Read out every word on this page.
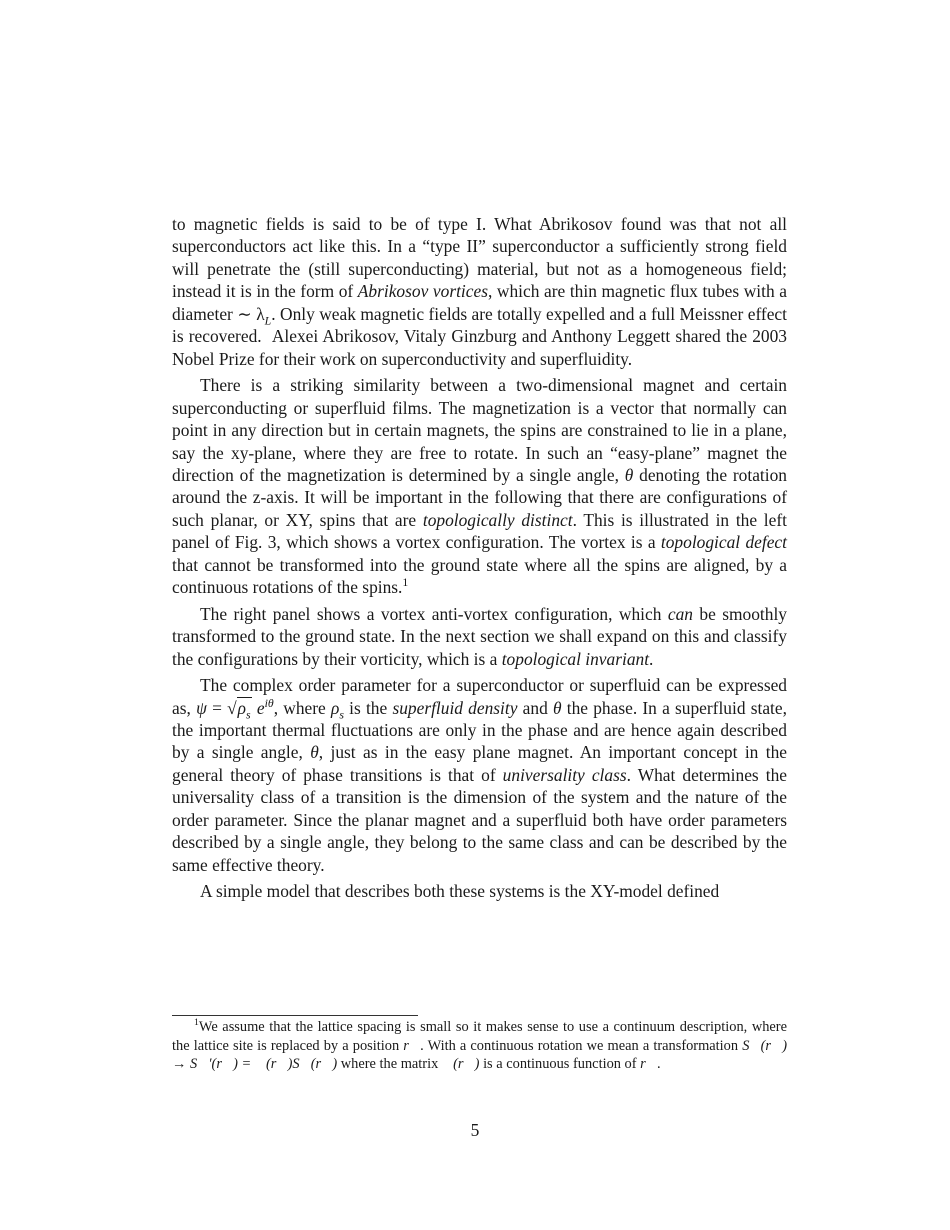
to magnetic fields is said to be of type I. What Abrikosov found was that not all superconductors act like this. In a “type II” superconductor a sufficiently strong field will penetrate the (still superconducting) material, but not as a homogeneous field; instead it is in the form of Abrikosov vortices, which are thin magnetic flux tubes with a diameter ∼ $\lambda_L$. Only weak magnetic fields are totally expelled and a full Meissner effect is recovered.  Alexei Abrikosov, Vitaly Ginzburg and Anthony Leggett shared the 2003 Nobel Prize for their work on superconductivity and superfluidity.

There is a striking similarity between a two-dimensional magnet and certain superconducting or superfluid films. The magnetization is a vector that normally can point in any direction but in certain magnets, the spins are constrained to lie in a plane, say the xy-plane, where they are free to rotate. In such an “easy-plane” magnet the direction of the magnetization is determined by a single angle, θ denoting the rotation around the z-axis. It will be important in the following that there are configurations of such planar, or XY, spins that are topologically distinct. This is illustrated in the left panel of Fig. 3, which shows a vortex configuration. The vortex is a topological defect that cannot be transformed into the ground state where all the spins are aligned, by a continuous rotations of the spins.$^1$

The right panel shows a vortex anti-vortex configuration, which can be smoothly transformed to the ground state. In the next section we shall expand on this and classify the configurations by their vorticity, which is a topological invariant.

The complex order parameter for a superconductor or superfluid can be expressed as, $\psi = √\rho_s$ $e^{i\theta}$, where $\rho_s$ is the superfluid density and θ the phase. In a superfluid state, the important thermal fluctuations are only in the phase and are hence again described by a single angle, θ, just as in the easy plane magnet. An important concept in the general theory of phase transitions is that of universality class. What determines the universality class of a transition is the dimension of the system and the nature of the order parameter. Since the planar magnet and a superfluid both have order parameters described by a single angle, they belong to the same class and can be described by the same effective theory.

A simple model that describes both these systems is the XY-model defined

$^1$We assume that the lattice spacing is small so it makes sense to use a continuum description, where the lattice site is replaced by a position r⃗. With a continuous rotation we mean a transformation S⃗(r⃗) → S⃗′(r⃗) = ℛ(r⃗)S⃗(r⃗) where the matrix ℛ(r⃗) is a continuous function of r⃗.

5
